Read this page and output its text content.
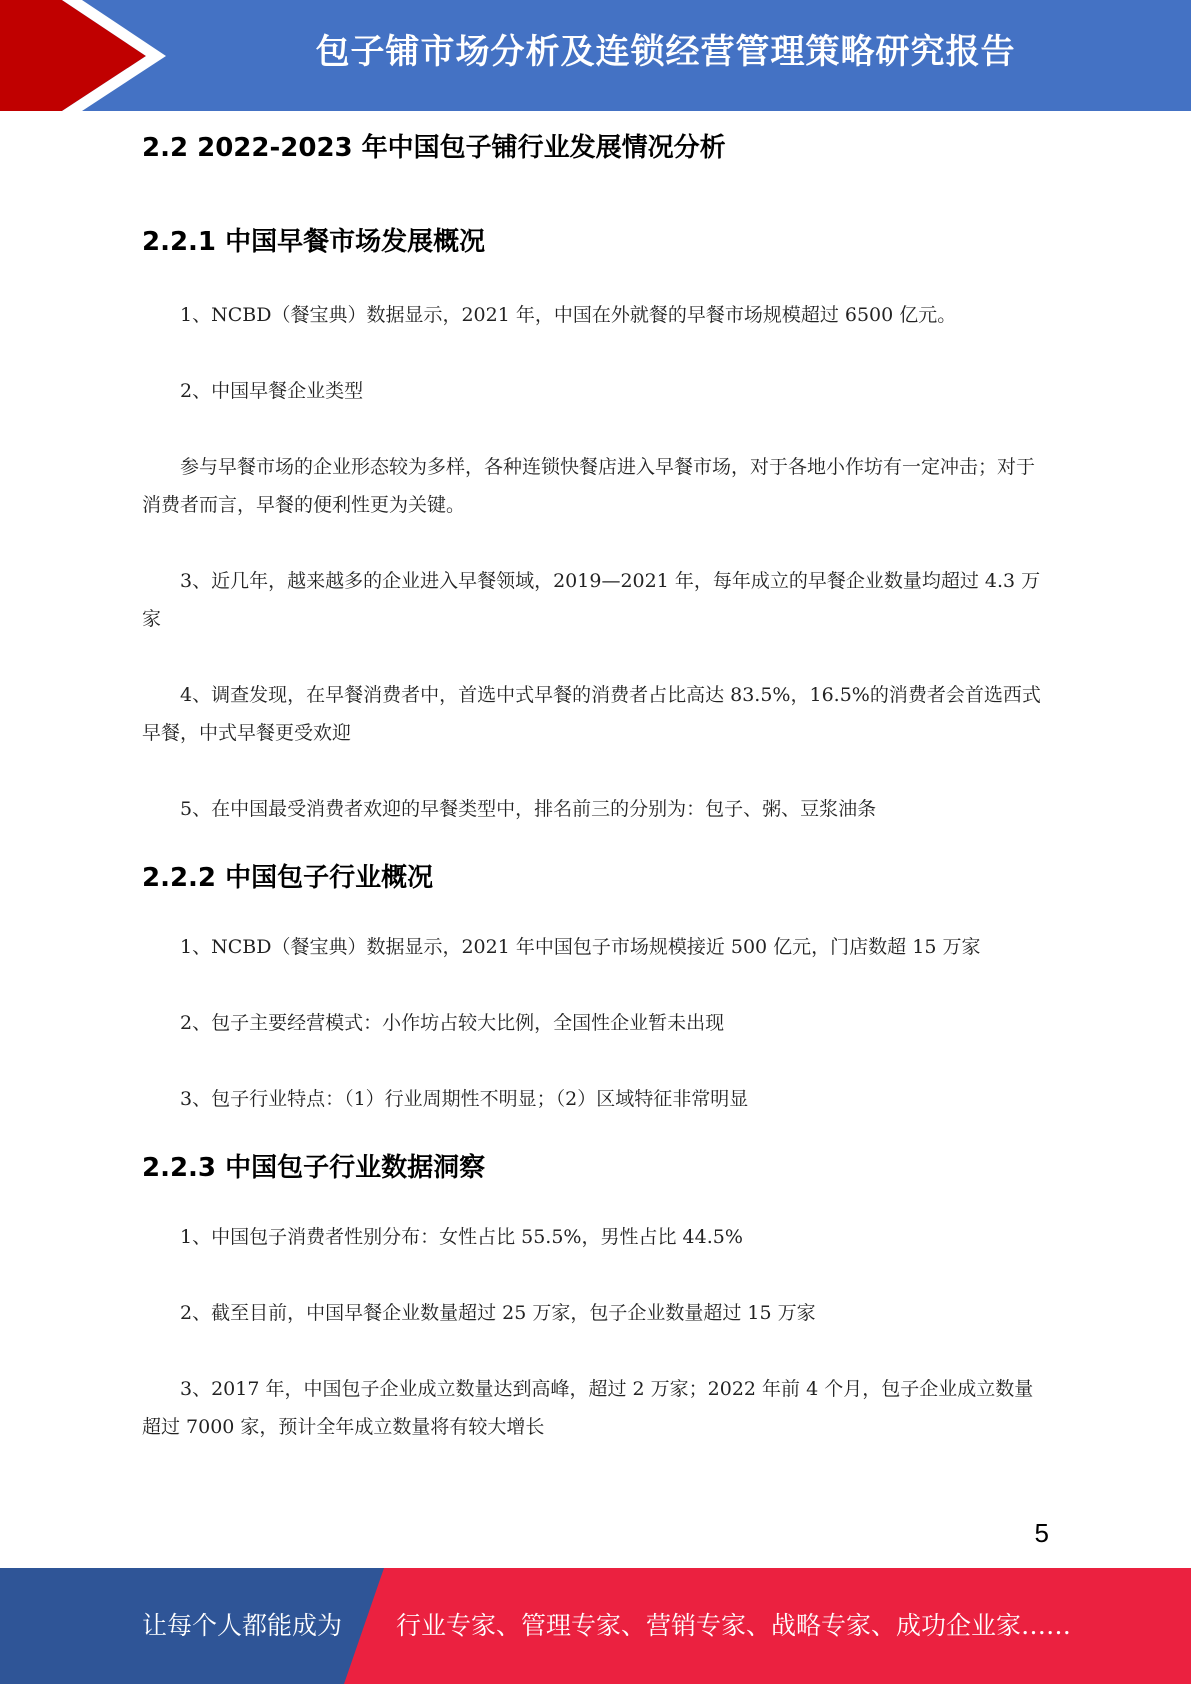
包子铺市场分析及连锁经营管理策略研究报告
2.2 2022-2023 年中国包子铺行业发展情况分析
2.2.1 中国早餐市场发展概况

1、NCBD（餐宝典）数据显示，2021 年，中国在外就餐的早餐市场规模超过 6500 亿元。

2、中国早餐企业类型

参与早餐市场的企业形态较为多样，各种连锁快餐店进入早餐市场，对于各地小作坊有一定冲击；对于消费者而言，早餐的便利性更为关键。

3、近几年，越来越多的企业进入早餐领域，2019—2021 年，每年成立的早餐企业数量均超过 4.3 万家

4、调查发现，在早餐消费者中，首选中式早餐的消费者占比高达 83.5%，16.5%的消费者会首选西式早餐，中式早餐更受欢迎

5、在中国最受消费者欢迎的早餐类型中，排名前三的分别为：包子、粥、豆浆油条

2.2.2 中国包子行业概况

1、NCBD（餐宝典）数据显示，2021 年中国包子市场规模接近 500 亿元，门店数超 15 万家

2、包子主要经营模式：小作坊占较大比例，全国性企业暂未出现

3、包子行业特点：（1）行业周期性不明显；（2）区域特征非常明显

2.2.3 中国包子行业数据洞察

1、中国包子消费者性别分布：女性占比 55.5%，男性占比 44.5%

2、截至目前，中国早餐企业数量超过 25 万家，包子企业数量超过 15 万家

3、2017 年，中国包子企业成立数量达到高峰，超过 2 万家；2022 年前 4 个月，包子企业成立数量超过 7000 家，预计全年成立数量将有较大增长

5
让每个人都能成为 行业专家、管理专家、营销专家、战略专家、成功企业家……
